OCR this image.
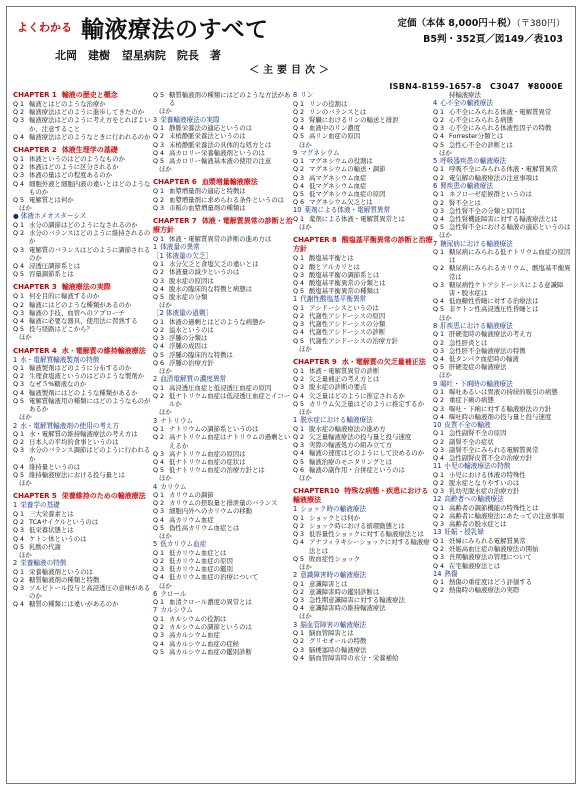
よくわかる 輸液療法のすべて
北岡　建樹 望星病院　院長　著
定価（本体 8,000円＋税）（〒380円）
B5判・352頁／図149／表103
＜主要目次＞
ISBN4-8159-1657-8　C3047　¥8000E
CHAPTER 1 輸液の歴史と概念
Q 1 輸液とはどのような治療か
Q 2 輸液療法はどのように進歩してきたのか
Q 3 輸液療法はどのように考え方をとればよいか、注意すること
Q 4 輸液療法はどのようなときに行われるのか
CHAPTER 2 体液生理学の基礎
Q 1 体液というのはどのようなものか
Q 2 体液はどのように区分されるか
Q 3 体液の量はどの程度あるのか
Q 4 細胞外液と細胞内液の違いとはどのようなものか
Q 5 電解質とは何か
ほか
● 体液ホメオスターシス
Q 1 水分の調節はどのようになされるのか
Q 2 水分のバランスはどのように維持されるのか
Q 3 電解質のバランスはどのように調節されるのか
Q 4 浸透圧調節系とは
Q 5 容量調節系とは
CHAPTER 3 輸液療法の実際
Q 1 何を目的に輸液するのか
Q 2 輸液にはどのような種類があるのか
Q 3 輸液の手技、血管へのアプローチ
Q 4 輸液に必要な器具、使用法に習熟する
Q 5 投与経路はどこから？
ほか
CHAPTER 4 水・電解質の維持輸液療法
1 水・電解質輸液製剤の特徴
Q 1 輸液製剤はどのように分布するのか
Q 2 生理食塩液というのはどのような製剤か
Q 3 なぜ５%糖液なのか
Q 4 輸液製剤にはどのような種類があるか
Q 5 電解質輸液用の種類にはどのようなものがあるか
ほか
2 水・電解質輸液剤の使用の考え方
Q 1 水・電解質の維持輸液療法の考え方は
Q 2 日本人の平均的食事というのは
Q 3 水分のバランス調節はどのように行われるか
Q 4 維持量というのは
Q 5 維持輸液療法における投与量とは
ほか
CHAPTER 5 栄養維持のための輸液療法
1 栄養学の基礎
Q 1 三大栄養素とは
Q 2 TCAサイクルというのは
Q 3 低栄養状態とは
Q 4 ケトン体というのは
Q 5 乳酸の代謝
ほか
2 栄養輸液の特徴
Q 1 栄養輸液剤というのは
Q 2 糖質輸液剤の種類と特徴
Q 3 ソルビトール投与と高浸透圧の意味があるのか
Q 4 糖質の種類には違いがあるのか
Q 5 糖質輸液剤の種類にはどのような方法がある
ほか
3 栄養輸液療法の実際
Q 1 静脈栄養法の適応というのは
Q 2 末梢静脈栄養法というのは
Q 3 末梢静脈栄養法の具体的な処方とは
Q 4 高カロリー栄養輸液剤というのは
Q 5 高カロリー輸液基本液の使用の注意
ほか
CHAPTER 6 血漿増量輸液療法
Q 1 血漿増量剤の適応と特徴は
Q 2 血漿増量剤に求められる条件というのは
Q 3 市販の血漿増量剤の種類は
CHAPTER 7 体液・電解質異常の診断と治療方針
Q 1 体液・電解質異常の診断の進め方は
1 体液量の異常
［1 体液量の欠乏］
Q 1 水分欠乏と食塩欠乏の違いとは
Q 2 体液量の減少というのは
Q 3 脱水症の原因は
Q 4 脱水の臨床的な特徴と病態は
Q 5 脱水症の分類
ほか
［2 体液量の過剰］
Q 1 体液の過剰とはどのような病態か
Q 2 溢水というのは
Q 3 浮腫の分類は
Q 4 浮腫の成因は
Q 5 浮腫の臨床的な特徴は
Q 6 浮腫の治療方針
ほか
2 血清電解質の濃度異常
Q 1 高浸透圧血症と低浸透圧血症の原因
Q 2 低ナトリウム血症は低浸透圧血症とイコールか
ほか
3 ナトリウム
Q 1 ナトリウムの調節系というのは
Q 2 高ナトリウム血症はナトリウムの過剰といえるか
Q 3 高ナトリウム血症の原因は
Q 4 低ナトリウム血症の症状は
Q 5 低ナトリウム血症の治療方針とは
ほか
4 カリウム
Q 1 カリウムの調節
Q 2 カリウムの摂取量と排泄量のバランス
Q 3 細胞内外へのカリウムの移動
Q 4 高カリウム血症
Q 5 偽性高カリウム血症とは
ほか
5 低カリウム血症
Q 1 低カリウム血症とは
Q 2 低カリウム血症の原因
Q 3 低カリウム血症の鑑別
Q 4 低カリウム血症の治療について
ほか
6 クロール
Q 1 血清クロール濃度の異常とは
7 カルシウム
Q 1 カルシウムの役割は
Q 2 カルシウムの調節というのは
Q 3 高カルシウム血症
Q 4 高カルシウム血症の症候
Q 5 高カルシウム血症の鑑別診断
8 リン
Q 1 リンの役割は
Q 2 リンのバランスとは
Q 3 腎臓におけるリンの輸送と排泄
Q 4 血液中のリン濃度
Q 5 高リン血症の原因
ほか
9 マグネシウム
Q 1 マグネシウムの役割は
Q 2 マグネシウムの輸送・調節
Q 3 高マグネシウム血症
Q 4 低マグネシウム血症
Q 5 低マグネシウム血症の原因
Q 6 マグネシウム欠乏とは
10 薬剤による体液・電解質異常
Q 1 薬剤による体液・電解質異常とは
ほか
CHAPTER 8 酸塩基平衡異常の診断と治療方針
Q 1 酸塩基平衡とは
Q 2 酸とアルカリとは
Q 3 酸塩基平衡の調節系とは
Q 4 酸塩基平衡異常の分類とは
Q 5 酸塩基平衡異常の種類は
1 代謝性酸塩基平衡異常
Q 1 アシドーシスというのは
Q 2 代謝性アシドーシスの原因
Q 3 代謝性アシドーシスの分類
Q 4 代謝性アシドーシスの診断
Q 5 代謝性アシドーシスの治療方針
ほか
CHAPTER 9 水・電解質の欠乏量補正法
Q 1 体液・電解質異常の診断
Q 2 欠乏量補正の考え方とは
Q 3 脱水症の診断の要点
Q 4 欠乏量はどのように推定されるか
Q 5 カリウム欠乏量はどのように推定するか
ほか
1 脱水症における輸液療法
Q 1 脱水症の輸液療法の進め方
Q 2 欠乏量輸液療法の投与量と投与速度
Q 3 実際の輸液処方の組み立て方
Q 4 輸液の速度はどのようにして決めるのか
Q 5 輸液治療のモニタリングとは
Q 6 輸液の副作用・合併症というのは
ほか
CHAPTER10 特殊な病態・疾患における輸液療法
1 ショック時の輸液療法
Q 1 ショックとは何か
Q 2 ショック時における循環動態とは
Q 3 低容量性ショックに対する輸液療法とは
Q 4 アナフィラキシーショックに対する輸液療法とは
Q 5 敗血症性ショック
ほか
2 意識障害時の輸液療法
Q 1 意識障害とは
Q 2 意識障害時の鑑別診断は
Q 3 急性期意識障害に対する輸液療法
Q 4 意識障害時の維持輸液療法
ほか
3 脳血管障害の輸液療法
Q 1 脳血管障害とは
Q 2 グリセオールの特徴
Q 3 脳梗塞時の輸液療法
Q 4 脳血管障害時の水分・栄養補給
持輸液療法
4 心不全の輸液療法
Q 1 心不全にみられる体液・電解質異常
Q 2 心不全にみられる病態
Q 3 心不全にみられる体液性因子の特徴
Q 4 Forrester分類とは
Q 5 急性心不全の診断とは
ほか
5 呼吸器疾患の輸液療法
Q 1 呼吸不全にみられる体液・電解質異常
Q 2 電気解の輸液療法の注意事項は
6 腎疾患の輸液療法
Q 1 ネフローゼ症候群というのは
Q 2 腎不全とは
Q 3 急性腎不全の分類と原因は
Q 4 急性腎機能障害に対する輸液療法とは
Q 5 急性腎不全における輸液の適応というのは
ほか
7 糖尿病における輸液療法
Q 1 糖尿病にみられる低ナトリウム血症の原因は
Q 2 糖尿病にみられるカリウム、酸塩基平衡異常は
Q 3 糖尿病性ケトアシドーシスによる意識障害・脱水症は
Q 4 低血糖性昏睡に対する治療法は
Q 5 非ケトン性高浸透圧性昏睡とは
ほか
8 肝疾患における輸液療法
Q 1 肝硬変時の輸液療法の考え方
Q 2 急性肝炎とは
Q 3 急性肝不全輸液療法の特徴
Q 4 低タンパク血症時の輸液
Q 5 肝硬変症の輸液療法
ほか
9 嘔吐・下痢時の輸液療法
Q 1 嘔吐あるいは胃液の持続的吸引の病態
Q 2 重症下痢の病態
Q 3 嘔吐・下痢に対する輸液療法の方針
Q 4 嘔吐時の輸液剤の投与量と投与速度
10 皮質不全の輸液
Q 1 急性副腎不全の原因
Q 2 副腎不全の症状
Q 3 副腎不全にみられる電解質異常
Q 4 急性副腎皮質不全の治療方針
11 小児の輸液療法の特徴
Q 1 小児における体液の特殊性
Q 2 脱水症となりやすいのは
Q 3 乳幼児脱水症の治療方針
12 高齢者への輸液療法
Q 1 高齢者の調節機能の特殊性とは
Q 2 高齢者に輸液療法にあたっての注意事項
Q 3 高齢者の脱水症とは
13 妊娠・授乳婦
Q 1 妊婦にみられる電解質異常
Q 2 妊娠高血圧症の輸液療法の開始
Q 3 長期輸液療法の管理について
Q 4 在宅輸液療法とは
14 熱傷
Q 1 熱傷の重症度はどう評価する
Q 2 熱傷時の輸液療法の実際
